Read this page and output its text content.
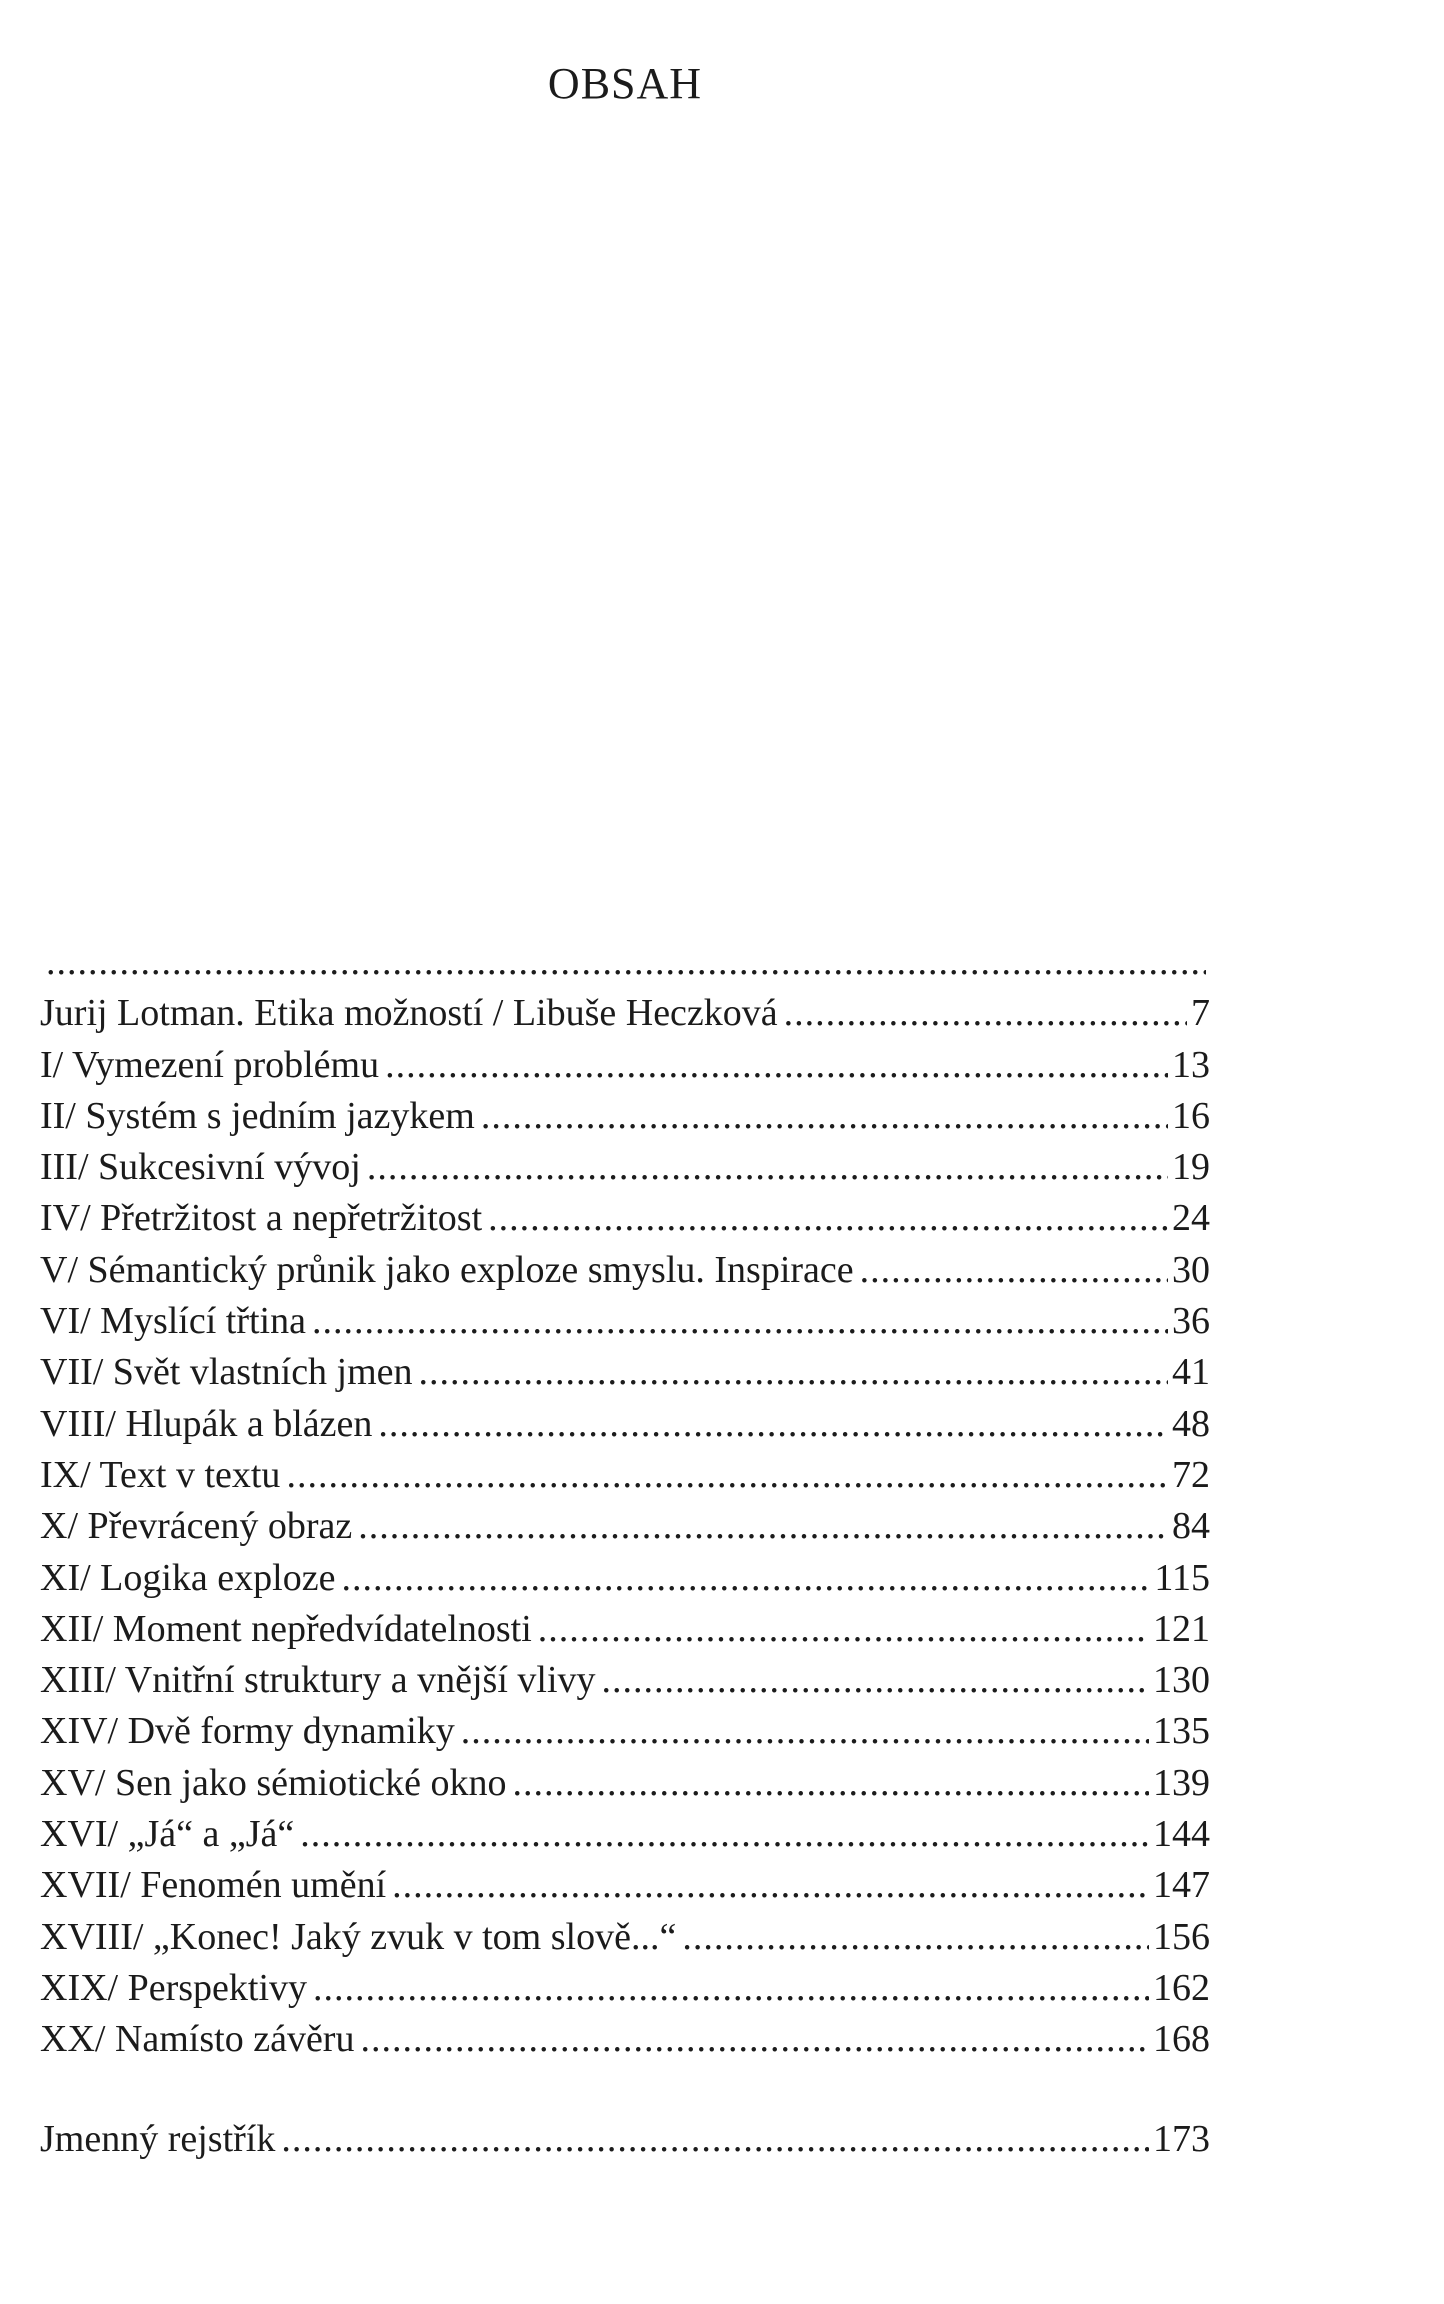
OBSAH
.....
Jurij Lotman. Etika možností / Libuše Heczková .....	7
I/ Vymezení problému .....	13
II/ Systém s jedním jazykem .....	16
III/ Sukcesivní vývoj .....	19
IV/ Přetržitost a nepřetržitost .....	24
V/ Sémantický průnik jako exploze smyslu. Inspirace .....	30
VI/ Myslící třtina .....	36
VII/ Svět vlastních jmen .....	41
VIII/ Hlupák a blázen .....	48
IX/ Text v textu .....	72
X/ Převrácený obraz .....	84
XI/ Logika exploze .....	115
XII/ Moment nepředvídatelnosti .....	121
XIII/ Vnitřní struktury a vnější vlivy .....	130
XIV/ Dvě formy dynamiky .....	135
XV/ Sen jako sémiotické okno .....	139
XVI/ „Já“ a „Já“ .....	144
XVII/ Fenomén umění .....	147
XVIII/ „Konec! Jaký zvuk v tom slově...“ .....	156
XIX/ Perspektivy .....	162
XX/ Namísto závěru .....	168
Jmenný rejstřík .....	173
